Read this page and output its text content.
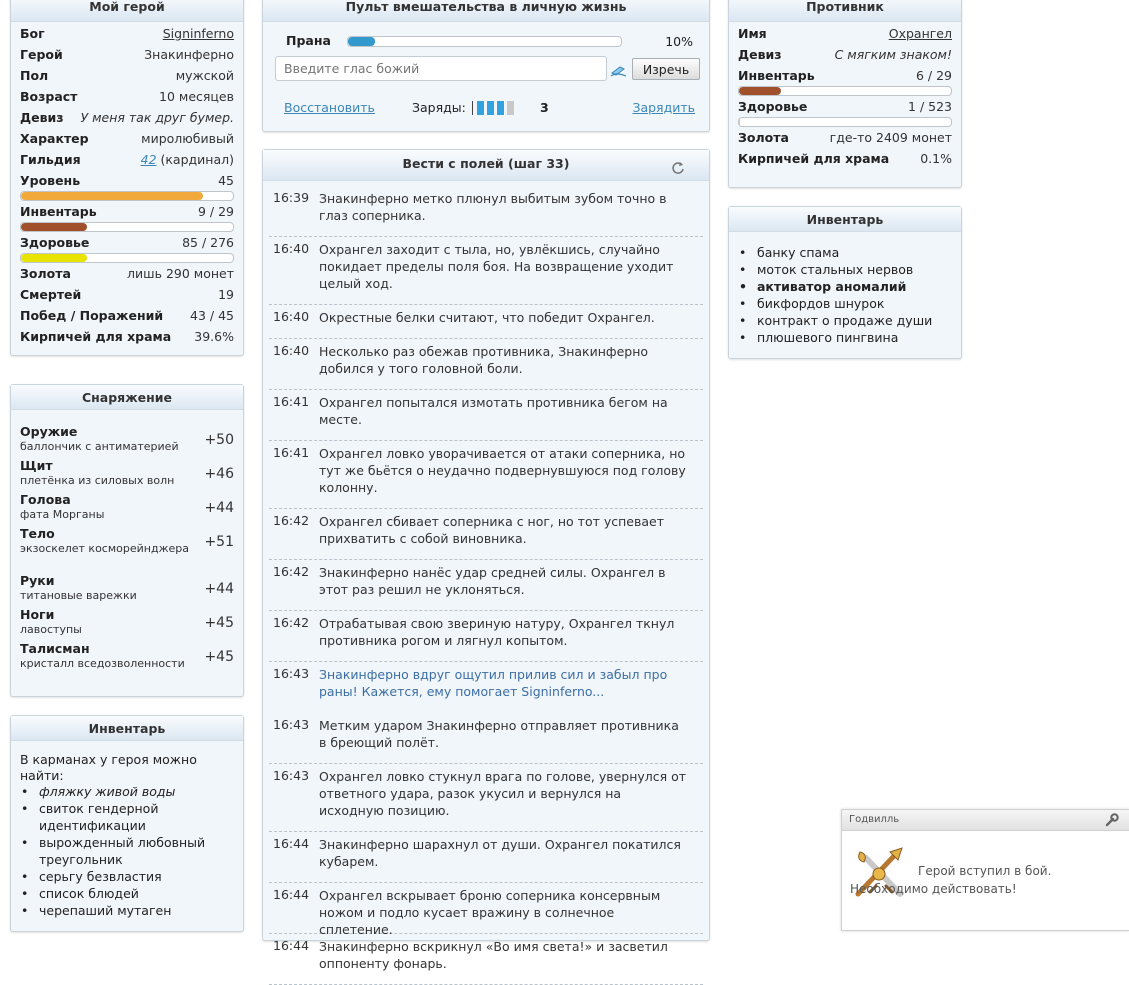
Мой герой
Бог	Signinferno
Герой	Знакинферно
Пол	мужской
Возраст	10 месяцев
Девиз У меня так друг бумер.
Характер	миролюбивый
Гильдия	42 (кардинал)
Уровень	45
Инвентарь	9 / 29
Здоровье	85 / 276
Золота	лишь 290 монет
Смертей	19
Побед / Поражений 43 / 45
Кирпичей для храма 39.6%
Снаряжение
Оружие
баллончик с антиматерией	+50
Щит
плетёнка из силовых волн	+46
Голова
фата Морганы	+44
Тело
экзоскелет косморейнджера +51
Руки
титановые варежки	+44
Ноги
лавоступы	+45
Талисман
кристалл вседозволенности	+45
Инвентарь
В карманах у героя можно найти:
• фляжку живой воды
• свиток гендерной идентификации
• вырожденный любовный треугольник
• серьгу безвластия
• список блюдей
• черепаший мутаген
Пульт вмешательства в личную жизнь
Прана	10%
Введите глас божий
Изречь
Восстановить	Заряды:	3	Зарядить
Вести с полей (шаг 33)
16:39 Знакинферно метко плюнул выбитым зубом точно в глаз соперника.
16:40 Охрангел заходит с тыла, но, увлёкшись, случайно покидает пределы поля боя. На возвращение уходит целый ход.
16:40 Окрестные белки считают, что победит Охрангел.
16:40 Несколько раз обежав противника, Знакинферно добился у того головной боли.
16:41 Охрангел попытался измотать противника бегом на месте.
16:41 Охрангел ловко уворачивается от атаки соперника, но тут же бьётся о неудачно подвернувшуюся под голову колонну.
16:42 Охрангел сбивает соперника с ног, но тот успевает прихватить с собой виновника.
16:42 Знакинферно нанёс удар средней силы. Охрангел в этот раз решил не уклоняться.
16:42 Отрабатывая свою звериную натуру, Охрангел ткнул противника рогом и лягнул копытом.
16:43 Знакинферно вдруг ощутил прилив сил и забыл про раны! Кажется, ему помогает Signinferno...
16:43 Метким ударом Знакинферно отправляет противника в бреющий полёт.
16:43 Охрангел ловко стукнул врага по голове, увернулся от ответного удара, разок укусил и вернулся на исходную позицию.
16:44 Знакинферно шарахнул от души. Охрангел покатился кубарем.
16:44 Охрангел вскрывает броню соперника консервным ножом и подло кусает вражину в солнечное сплетение.
16:44 Знакинферно вскрикнул «Во имя света!» и засветил оппоненту фонарь.
Противник
Имя	Охрангел
Девиз	С мягким знаком!
Инвентарь	6 / 29
Здоровье	1 / 523
Золота	где-то 2409 монет
Кирпичей для храма 0.1%
Инвентарь
• банку спама
• моток стальных нервов
• активатор аномалий
• бикфордов шнурок
• контракт о продаже души
• плюшевого пингвина
Годвилль
Герой вступил в бой. Необходимо действовать!
